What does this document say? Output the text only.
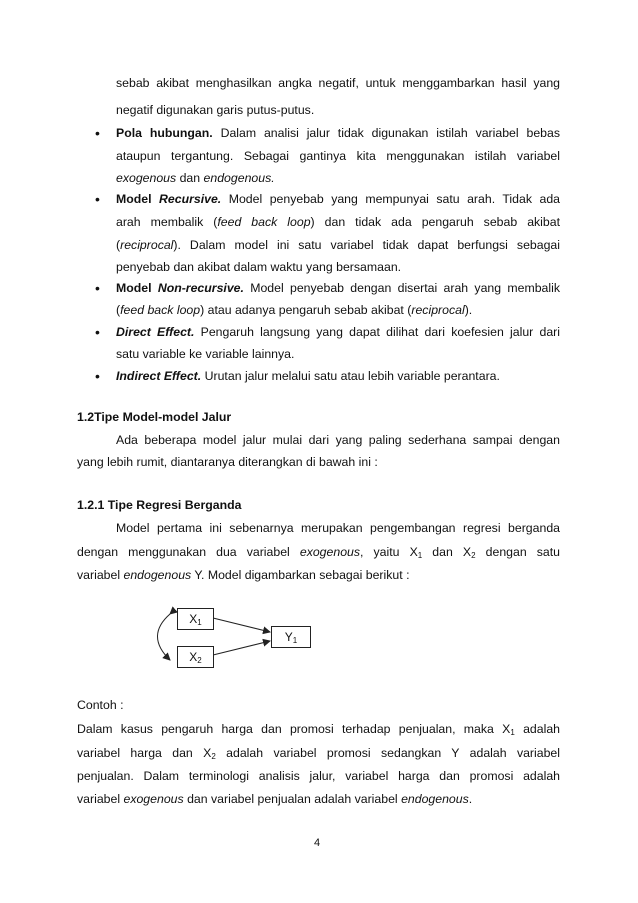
sebab akibat menghasilkan angka negatif, untuk menggambarkan hasil yang
negatif digunakan garis putus-putus.
• Pola hubungan. Dalam analisi jalur tidak digunakan istilah variabel bebas
ataupun tergantung. Sebagai gantinya kita menggunakan istilah variabel
exogenous dan endogenous.
• Model Recursive. Model penyebab yang mempunyai satu arah. Tidak ada
arah membalik (feed back loop) dan tidak ada pengaruh sebab akibat
(reciprocal). Dalam model ini satu variabel tidak dapat berfungsi sebagai
penyebab dan akibat dalam waktu yang bersamaan.
• Model Non-recursive. Model penyebab dengan disertai arah yang membalik
(feed back loop) atau adanya pengaruh sebab akibat (reciprocal).
• Direct Effect. Pengaruh langsung yang dapat dilihat dari koefesien jalur dari
satu variable ke variable lainnya.
• Indirect Effect. Urutan jalur melalui satu atau lebih variable perantara.
1.2Tipe Model-model Jalur
Ada beberapa model jalur mulai dari yang paling sederhana sampai dengan
yang lebih rumit, diantaranya diterangkan di bawah ini :
1.2.1 Tipe Regresi Berganda
Model pertama ini sebenarnya merupakan pengembangan regresi berganda
dengan menggunakan dua variabel exogenous, yaitu $X_1$ dan $X_2$ dengan satu
variabel endogenous Y. Model digambarkan sebagai berikut :
$X_1$
$X_2$
$Y_1$
Contoh :
Dalam kasus pengaruh harga dan promosi terhadap penjualan, maka $X_1$ adalah
variabel harga dan $X_2$ adalah variabel promosi sedangkan Y adalah variabel
penjualan. Dalam terminologi analisis jalur, variabel harga dan promosi adalah
variabel exogenous dan variabel penjualan adalah variabel endogenous.
4
